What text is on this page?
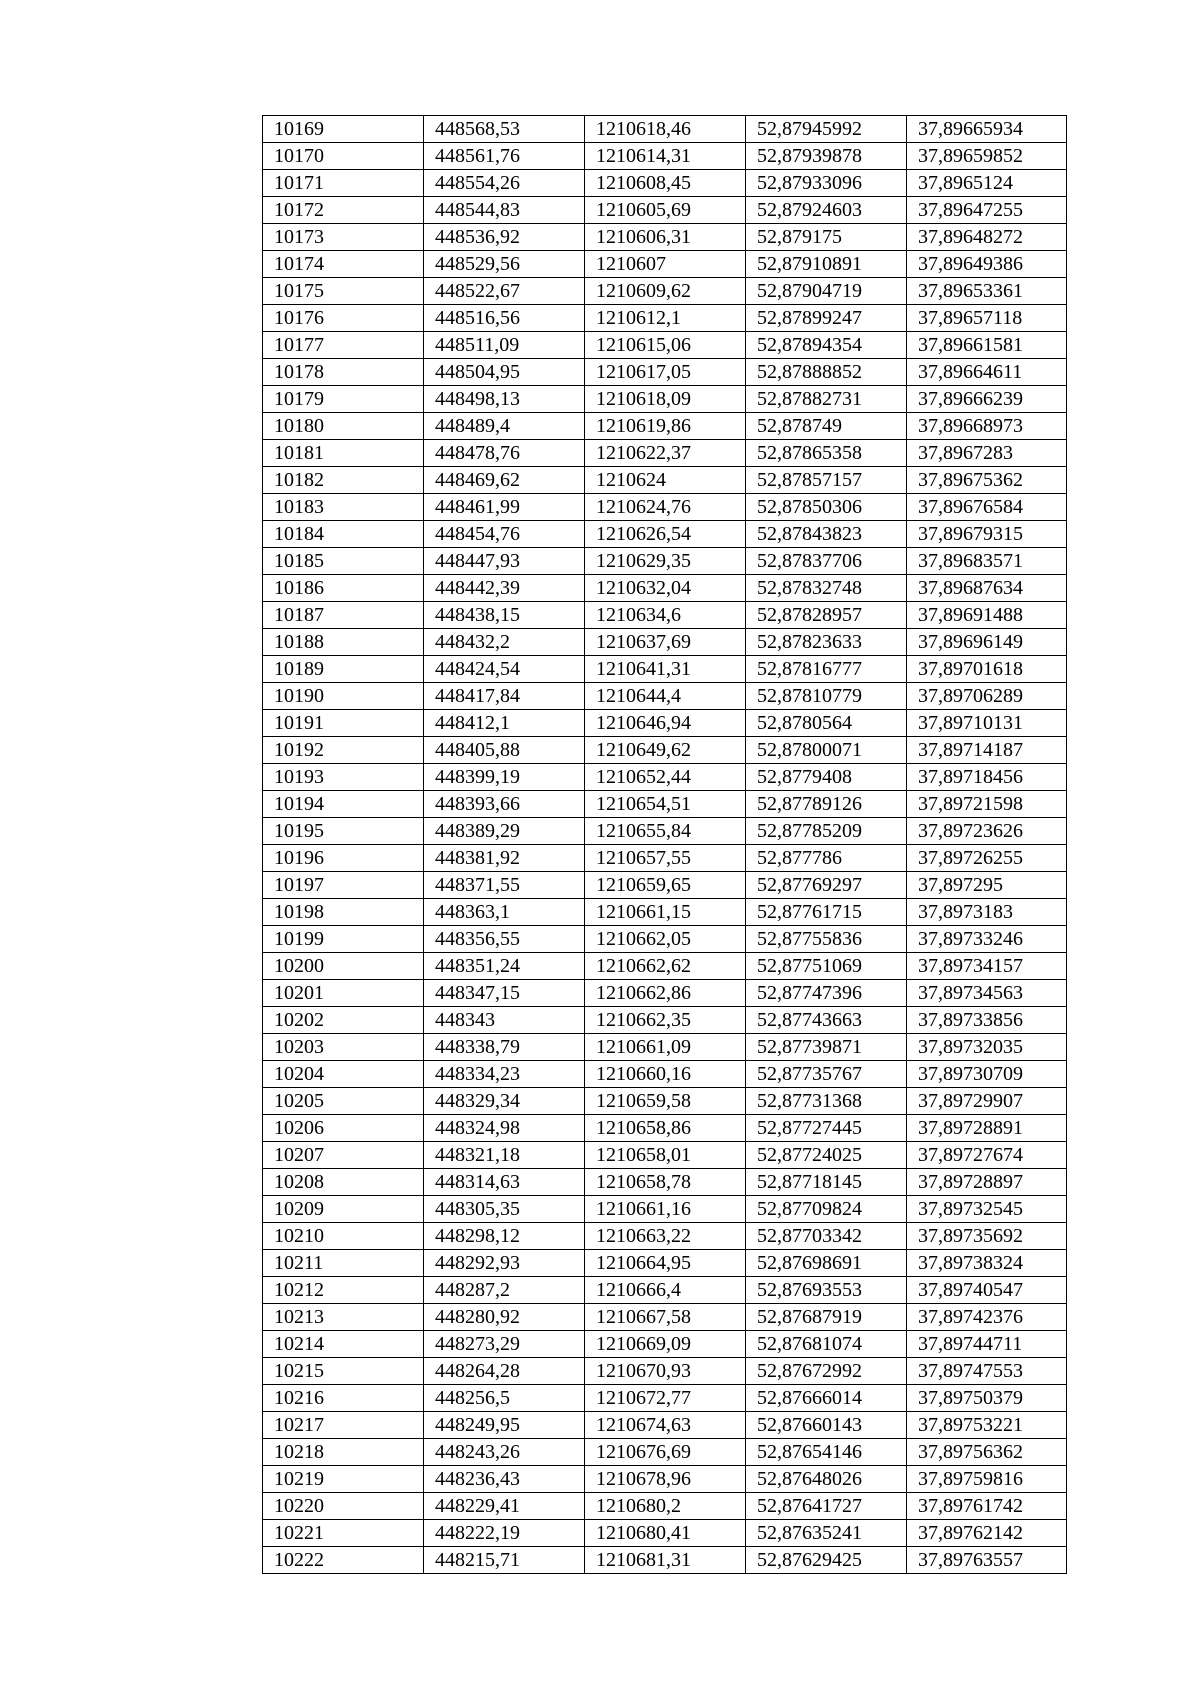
10169	448568,53	1210618,46	52,87945992	37,89665934
10170	448561,76	1210614,31	52,87939878	37,89659852
10171	448554,26	1210608,45	52,87933096	37,8965124
10172	448544,83	1210605,69	52,87924603	37,89647255
10173	448536,92	1210606,31	52,879175	37,89648272
10174	448529,56	1210607	52,87910891	37,89649386
10175	448522,67	1210609,62	52,87904719	37,89653361
10176	448516,56	1210612,1	52,87899247	37,89657118
10177	448511,09	1210615,06	52,87894354	37,89661581
10178	448504,95	1210617,05	52,87888852	37,89664611
10179	448498,13	1210618,09	52,87882731	37,89666239
10180	448489,4	1210619,86	52,878749	37,89668973
10181	448478,76	1210622,37	52,87865358	37,8967283
10182	448469,62	1210624	52,87857157	37,89675362
10183	448461,99	1210624,76	52,87850306	37,89676584
10184	448454,76	1210626,54	52,87843823	37,89679315
10185	448447,93	1210629,35	52,87837706	37,89683571
10186	448442,39	1210632,04	52,87832748	37,89687634
10187	448438,15	1210634,6	52,87828957	37,89691488
10188	448432,2	1210637,69	52,87823633	37,89696149
10189	448424,54	1210641,31	52,87816777	37,89701618
10190	448417,84	1210644,4	52,87810779	37,89706289
10191	448412,1	1210646,94	52,8780564	37,89710131
10192	448405,88	1210649,62	52,87800071	37,89714187
10193	448399,19	1210652,44	52,8779408	37,89718456
10194	448393,66	1210654,51	52,87789126	37,89721598
10195	448389,29	1210655,84	52,87785209	37,89723626
10196	448381,92	1210657,55	52,877786	37,89726255
10197	448371,55	1210659,65	52,87769297	37,897295
10198	448363,1	1210661,15	52,87761715	37,8973183
10199	448356,55	1210662,05	52,87755836	37,89733246
10200	448351,24	1210662,62	52,87751069	37,89734157
10201	448347,15	1210662,86	52,87747396	37,89734563
10202	448343	1210662,35	52,87743663	37,89733856
10203	448338,79	1210661,09	52,87739871	37,89732035
10204	448334,23	1210660,16	52,87735767	37,89730709
10205	448329,34	1210659,58	52,87731368	37,89729907
10206	448324,98	1210658,86	52,87727445	37,89728891
10207	448321,18	1210658,01	52,87724025	37,89727674
10208	448314,63	1210658,78	52,87718145	37,89728897
10209	448305,35	1210661,16	52,87709824	37,89732545
10210	448298,12	1210663,22	52,87703342	37,89735692
10211	448292,93	1210664,95	52,87698691	37,89738324
10212	448287,2	1210666,4	52,87693553	37,89740547
10213	448280,92	1210667,58	52,87687919	37,89742376
10214	448273,29	1210669,09	52,87681074	37,89744711
10215	448264,28	1210670,93	52,87672992	37,89747553
10216	448256,5	1210672,77	52,87666014	37,89750379
10217	448249,95	1210674,63	52,87660143	37,89753221
10218	448243,26	1210676,69	52,87654146	37,89756362
10219	448236,43	1210678,96	52,87648026	37,89759816
10220	448229,41	1210680,2	52,87641727	37,89761742
10221	448222,19	1210680,41	52,87635241	37,89762142
10222	448215,71	1210681,31	52,87629425	37,89763557
